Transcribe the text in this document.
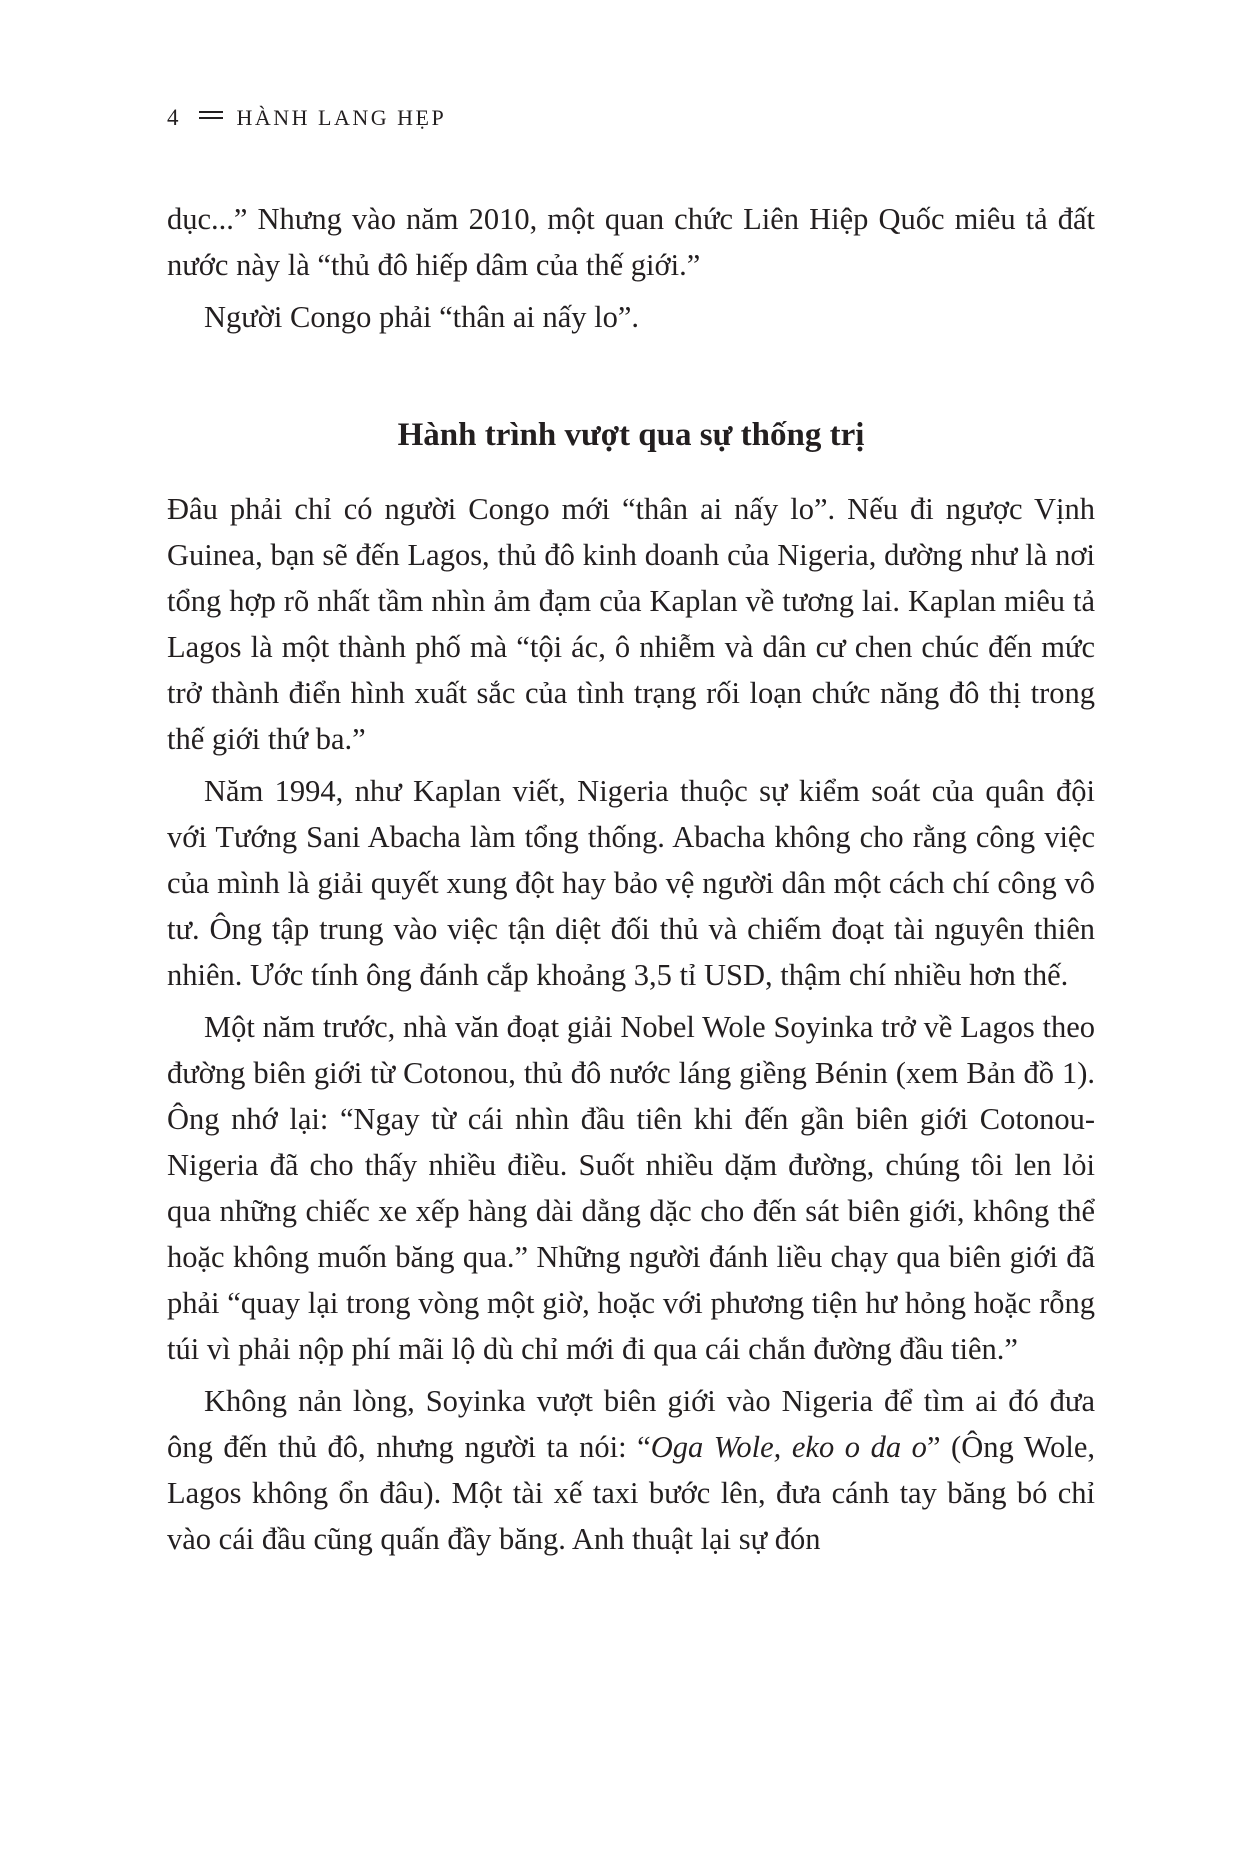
4	HÀNH LANG HẸP

dục...” Nhưng vào năm 2010, một quan chức Liên Hiệp Quốc miêu tả đất nước này là “thủ đô hiếp dâm của thế giới.”

Người Congo phải “thân ai nấy lo”.

Hành trình vượt qua sự thống trị

Đâu phải chỉ có người Congo mới “thân ai nấy lo”. Nếu đi ngược Vịnh Guinea, bạn sẽ đến Lagos, thủ đô kinh doanh của Nigeria, dường như là nơi tổng hợp rõ nhất tầm nhìn ảm đạm của Kaplan về tương lai. Kaplan miêu tả Lagos là một thành phố mà “tội ác, ô nhiễm và dân cư chen chúc đến mức trở thành điển hình xuất sắc của tình trạng rối loạn chức năng đô thị trong thế giới thứ ba.”

Năm 1994, như Kaplan viết, Nigeria thuộc sự kiểm soát của quân đội với Tướng Sani Abacha làm tổng thống. Abacha không cho rằng công việc của mình là giải quyết xung đột hay bảo vệ người dân một cách chí công vô tư. Ông tập trung vào việc tận diệt đối thủ và chiếm đoạt tài nguyên thiên nhiên. Ước tính ông đánh cắp khoảng 3,5 tỉ USD, thậm chí nhiều hơn thế.

Một năm trước, nhà văn đoạt giải Nobel Wole Soyinka trở về Lagos theo đường biên giới từ Cotonou, thủ đô nước láng giềng Bénin (xem Bản đồ 1). Ông nhớ lại: “Ngay từ cái nhìn đầu tiên khi đến gần biên giới Cotonou-Nigeria đã cho thấy nhiều điều. Suốt nhiều dặm đường, chúng tôi len lỏi qua những chiếc xe xếp hàng dài dằng dặc cho đến sát biên giới, không thể hoặc không muốn băng qua.” Những người đánh liều chạy qua biên giới đã phải “quay lại trong vòng một giờ, hoặc với phương tiện hư hỏng hoặc rỗng túi vì phải nộp phí mãi lộ dù chỉ mới đi qua cái chắn đường đầu tiên.”

Không nản lòng, Soyinka vượt biên giới vào Nigeria để tìm ai đó đưa ông đến thủ đô, nhưng người ta nói: “Oga Wole, eko o da o” (Ông Wole, Lagos không ổn đâu). Một tài xế taxi bước lên, đưa cánh tay băng bó chỉ vào cái đầu cũng quấn đầy băng. Anh thuật lại sự đón
